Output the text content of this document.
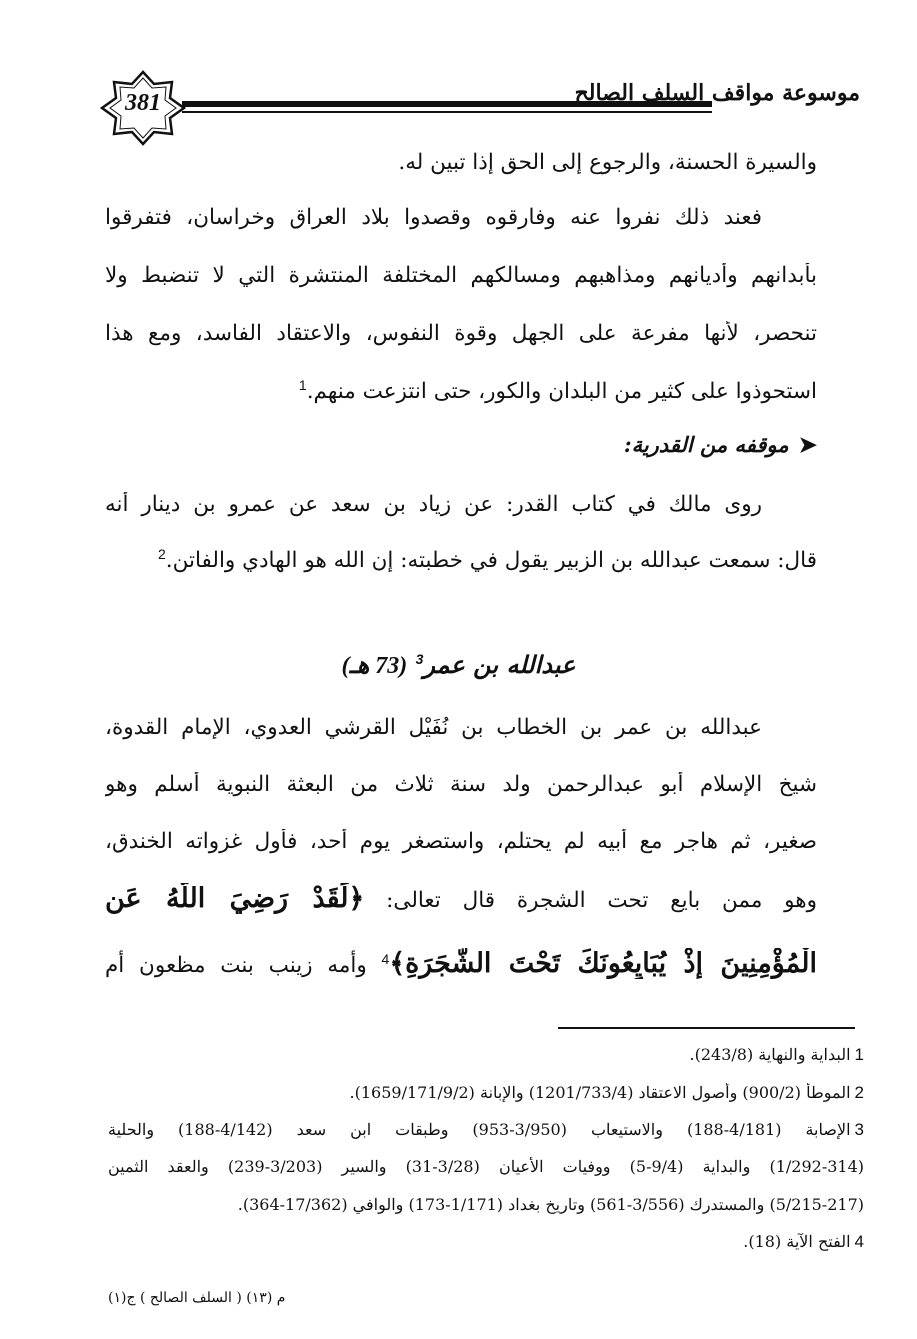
381	موسوعة مواقف السلف الصالح
والسيرة الحسنة، والرجوع إلى الحق إذا تبين له.
فعند ذلك نفروا عنه وفارقوه وقصدوا بلاد العراق وخراسان، فتفرقوا
بأبدانهم وأديانهم ومذاهبهم ومسالكهم المختلفة المنتشرة التي لا تنضبط ولا
تنحصر، لأنها مفرعة على الجهل وقوة النفوس، والاعتقاد الفاسد، ومع هذا
استحوذوا على كثير من البلدان والكور، حتى انتزعت منهم.$^1$
روى مالك في كتاب القدر: عن زياد بن سعد عن عمرو بن دينار أنه
قال: سمعت عبدالله بن الزبير يقول في خطبته: إن الله هو الهادي والفاتن.$^2$
عبدالله بن عمر بن الخطاب بن نُفَيْل القرشي العدوي، الإمام القدوة،
شيخ الإسلام أبو عبدالرحمن ولد سنة ثلاث من البعثة النبوية أسلم وهو
صغير، ثم هاجر مع أبيه لم يحتلم، واستصغر يوم أحد، فأول غزواته الخندق،
وهو ممن بايع تحت الشجرة قال تعالى: ﴿لَقَدْ رَضِيَ اللَّهُ عَنِ
الْمُؤْمِنِينَ إِذْ يُبَايِعُونَكَ تَحْتَ الشَّجَرَةِ﴾$^4$ وأمه زينب بنت مظعون أم
➤موقفه من القدرية:
عبدالله بن عمر$^3$ (73 هـ)
1البداية والنهاية (243/8).
2الموطأ (900/2) وأصول الاعتقاد (1201/733/4) والإبانة (1659/171/9/2).
3الإصابة (4/181-188) والاستيعاب (3/950-953) وطبقات ابن سعد (4/142-188) والحلية
(1/292-314) والبداية (9/4-5) ووفيات الأعيان (3/28-31) والسير (3/203-239) والعقد الثمين
(5/215-217) والمستدرك (3/556-561) وتاريخ بغداد (1/171-173) والوافي (17/362-364).
4الفتح الآية (18).
م (١٣) ( السلف الصالح ) ج(١)
